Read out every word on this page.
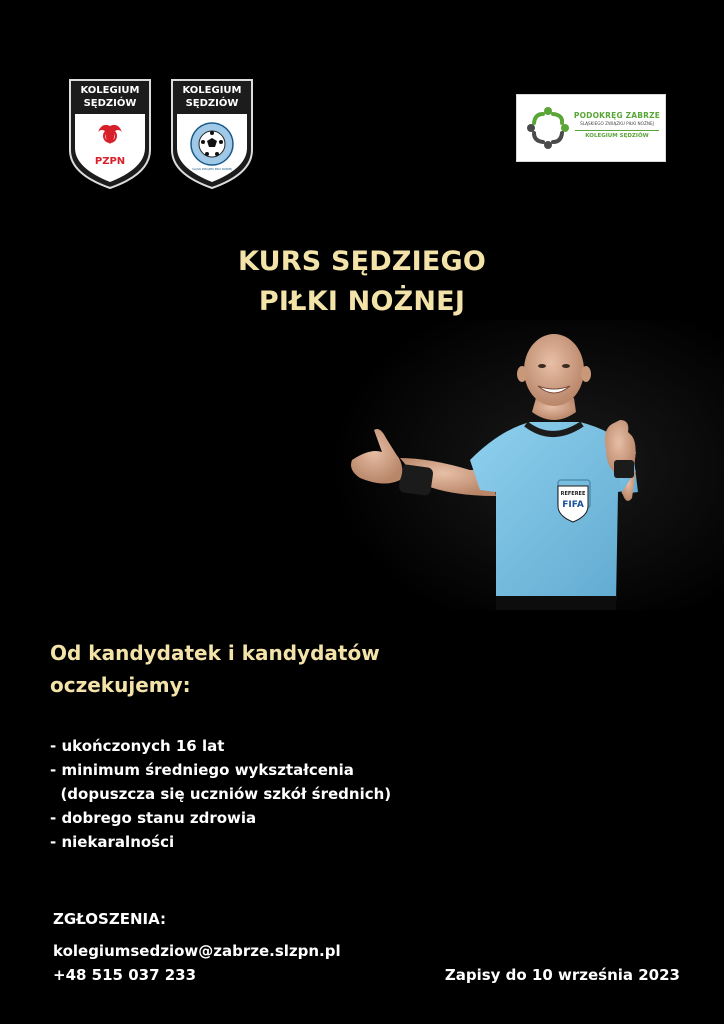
KOLEGIUM
SĘDZIÓW
PZPN
KOLEGIUM
SĘDZIÓW
ŚLĄSKI ZWIĄZEK PIŁKI NOŻNEJ
PODOKRĘG ZABRZE
ŚLĄSKIEGO ZWIĄZKU PIŁKI NOŻNEJ
KOLEGIUM SĘDZIÓW
KURS SĘDZIEGO
PIŁKI NOŻNEJ
REFEREE
FIFA
Od kandydatek i kandydatów
oczekujemy:
- ukończonych 16 lat
- minimum średniego wykształcenia
(dopuszcza się uczniów szkół średnich)
- dobrego stanu zdrowia
- niekaralności
ZGŁOSZENIA:
kolegiumsedziow@zabrze.slzpn.pl
+48 515 037 233	Zapisy do 10 września 2023
